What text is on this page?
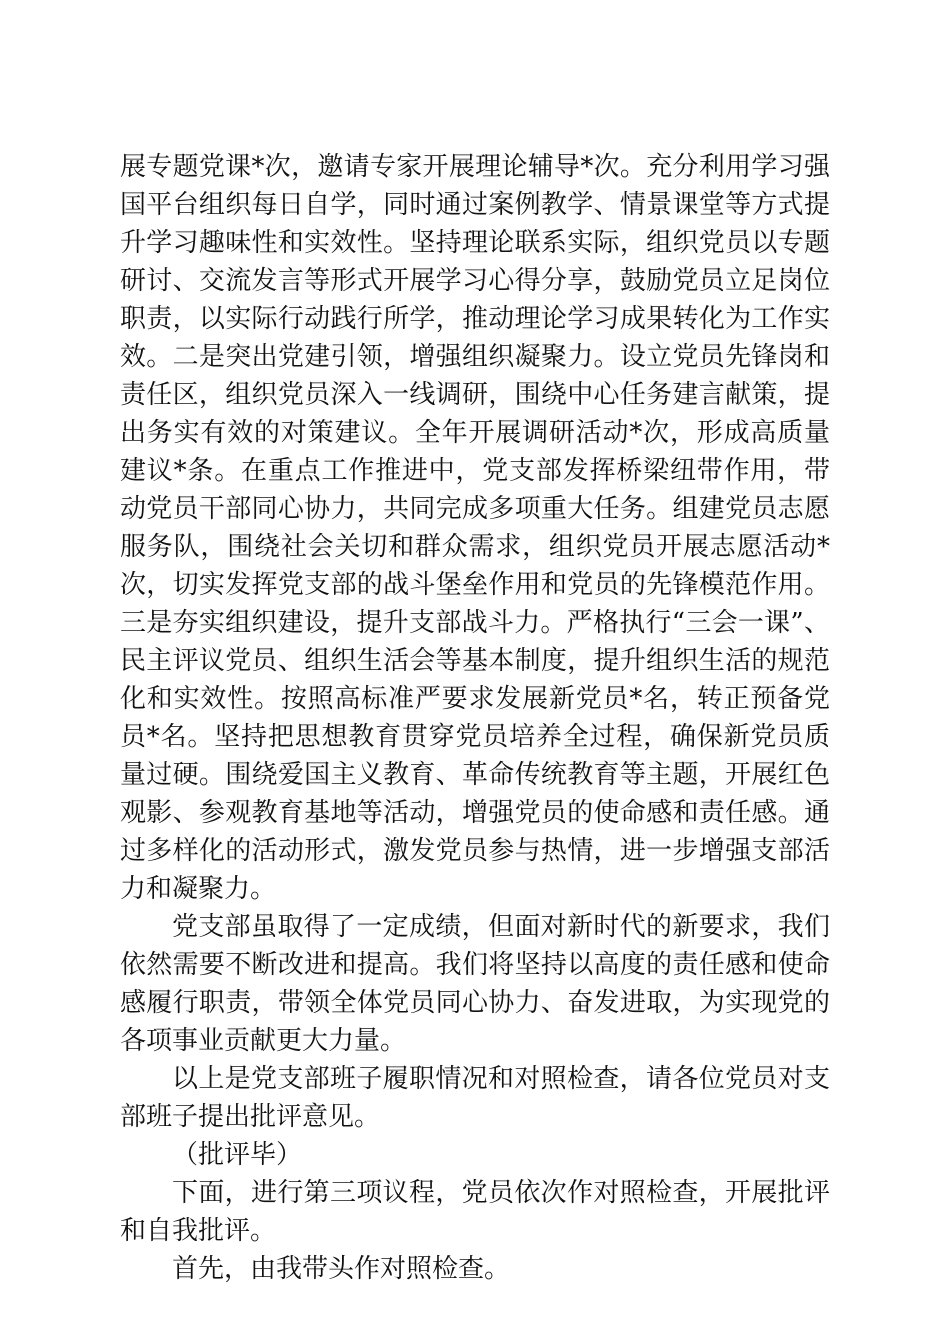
展专题党课*次，邀请专家开展理论辅导*次。充分利用学习强国平台组织每日自学，同时通过案例教学、情景课堂等方式提升学习趣味性和实效性。坚持理论联系实际，组织党员以专题研讨、交流发言等形式开展学习心得分享，鼓励党员立足岗位职责，以实际行动践行所学，推动理论学习成果转化为工作实效。二是突出党建引领，增强组织凝聚力。设立党员先锋岗和责任区，组织党员深入一线调研，围绕中心任务建言献策，提出务实有效的对策建议。全年开展调研活动*次，形成高质量建议*条。在重点工作推进中，党支部发挥桥梁纽带作用，带动党员干部同心协力，共同完成多项重大任务。组建党员志愿服务队，围绕社会关切和群众需求，组织党员开展志愿活动*次，切实发挥党支部的战斗堡垒作用和党员的先锋模范作用。三是夯实组织建设，提升支部战斗力。严格执行“三会一课”、民主评议党员、组织生活会等基本制度，提升组织生活的规范化和实效性。按照高标准严要求发展新党员*名，转正预备党员*名。坚持把思想教育贯穿党员培养全过程，确保新党员质量过硬。围绕爱国主义教育、革命传统教育等主题，开展红色观影、参观教育基地等活动，增强党员的使命感和责任感。通过多样化的活动形式，激发党员参与热情，进一步增强支部活力和凝聚力。

党支部虽取得了一定成绩，但面对新时代的新要求，我们依然需要不断改进和提高。我们将坚持以高度的责任感和使命感履行职责，带领全体党员同心协力、奋发进取，为实现党的各项事业贡献更大力量。

以上是党支部班子履职情况和对照检查，请各位党员对支部班子提出批评意见。

（批评毕）

下面，进行第三项议程，党员依次作对照检查，开展批评和自我批评。

首先，由我带头作对照检查。
